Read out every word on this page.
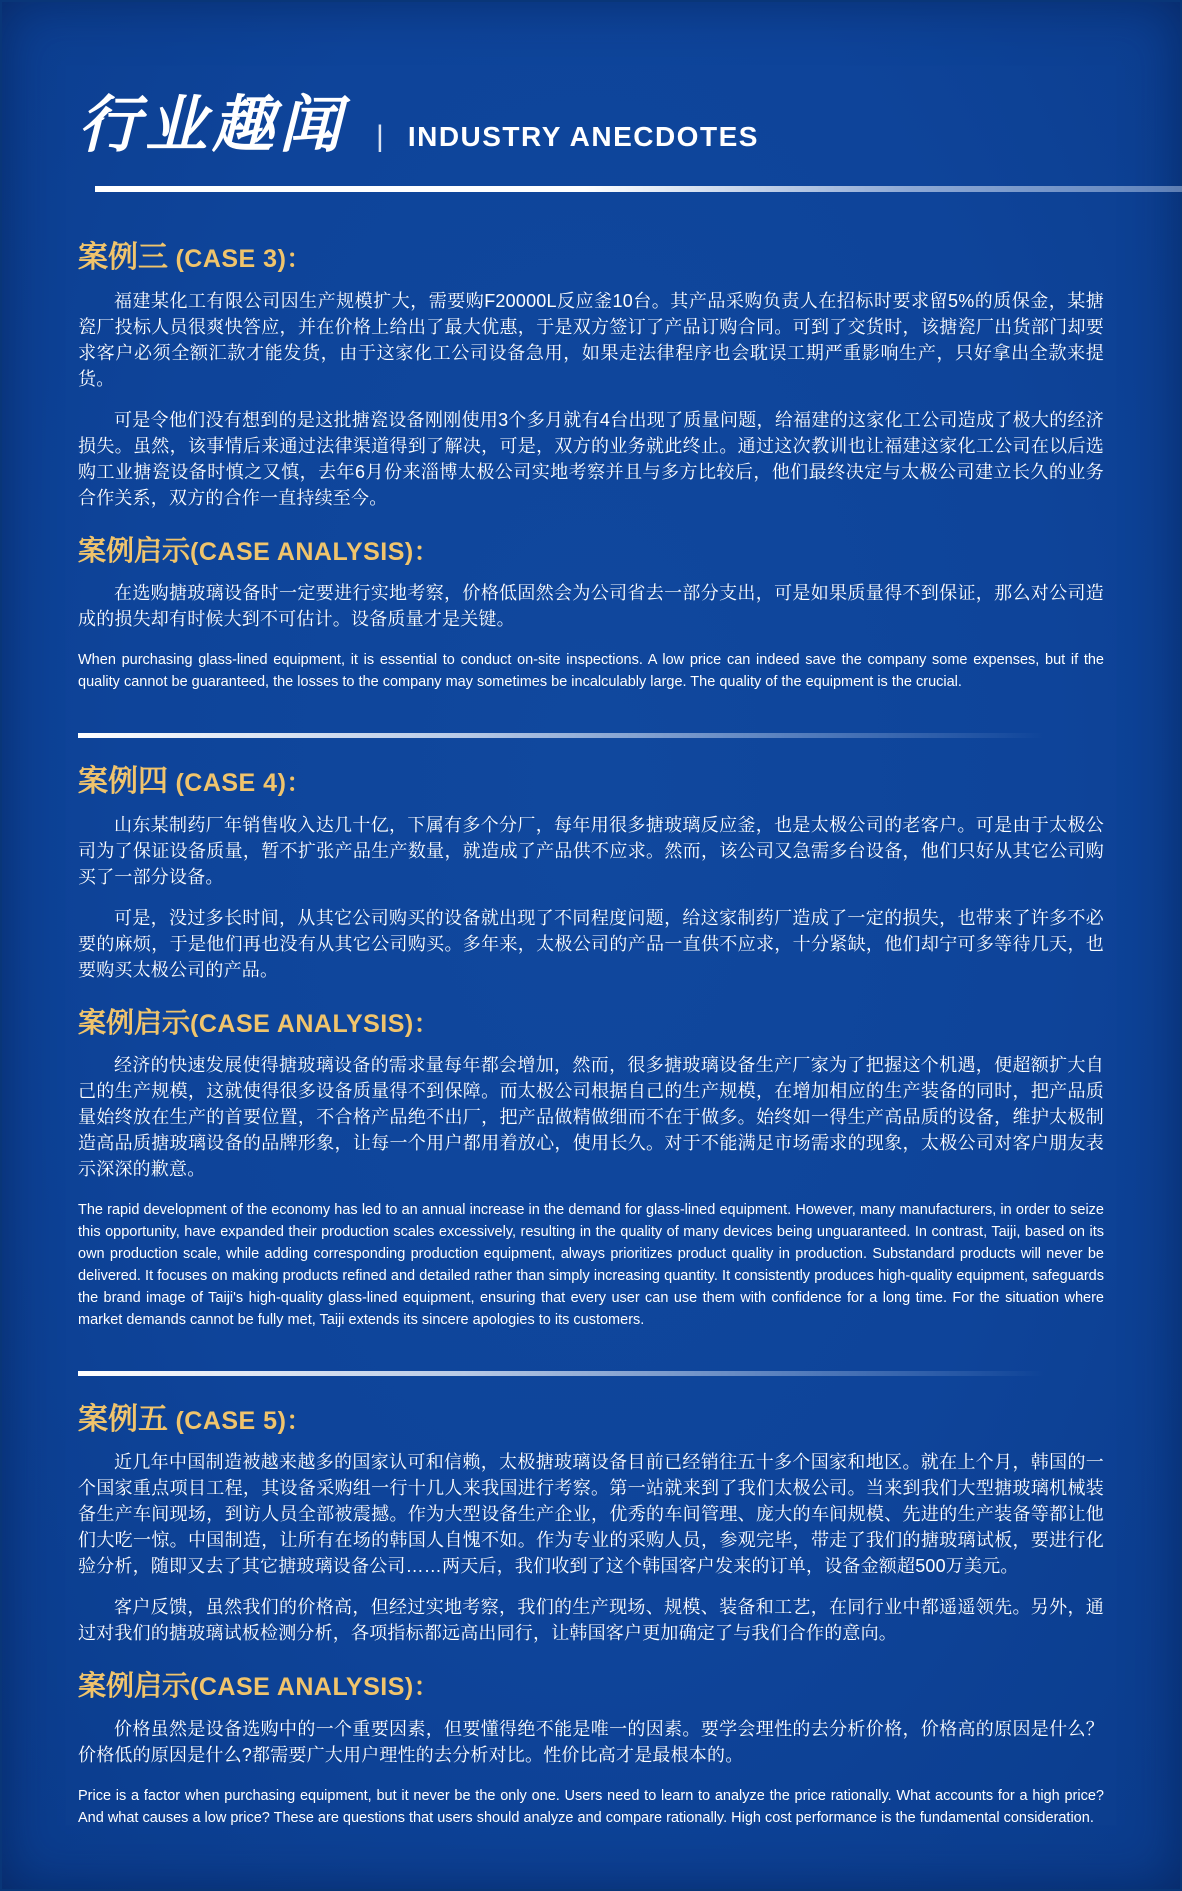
行业趣闻 | INDUSTRY ANECDOTES
案例三 (CASE 3)：

福建某化工有限公司因生产规模扩大，需要购F20000L反应釜10台。其产品采购负责人在招标时要求留5%的质保金，某搪瓷厂投标人员很爽快答应，并在价格上给出了最大优惠，于是双方签订了产品订购合同。可到了交货时，该搪瓷厂出货部门却要求客户必须全额汇款才能发货，由于这家化工公司设备急用，如果走法律程序也会耽误工期严重影响生产，只好拿出全款来提货。

可是令他们没有想到的是这批搪瓷设备刚刚使用3个多月就有4台出现了质量问题，给福建的这家化工公司造成了极大的经济损失。虽然，该事情后来通过法律渠道得到了解决，可是，双方的业务就此终止。通过这次教训也让福建这家化工公司在以后选购工业搪瓷设备时慎之又慎，去年6月份来淄博太极公司实地考察并且与多方比较后，他们最终决定与太极公司建立长久的业务合作关系，双方的合作一直持续至今。

案例启示(CASE ANALYSIS)：

在选购搪玻璃设备时一定要进行实地考察，价格低固然会为公司省去一部分支出，可是如果质量得不到保证，那么对公司造成的损失却有时候大到不可估计。设备质量才是关键。

When purchasing glass-lined equipment, it is essential to conduct on-site inspections. A low price can indeed save the company some expenses, but if the quality cannot be guaranteed, the losses to the company may sometimes be incalculably large. The quality of the equipment is the crucial.

案例四 (CASE 4)：

山东某制药厂年销售收入达几十亿，下属有多个分厂，每年用很多搪玻璃反应釜，也是太极公司的老客户。可是由于太极公司为了保证设备质量，暂不扩张产品生产数量，就造成了产品供不应求。然而，该公司又急需多台设备，他们只好从其它公司购买了一部分设备。

可是，没过多长时间，从其它公司购买的设备就出现了不同程度问题，给这家制药厂造成了一定的损失，也带来了许多不必要的麻烦，于是他们再也没有从其它公司购买。多年来，太极公司的产品一直供不应求，十分紧缺，他们却宁可多等待几天，也要购买太极公司的产品。

案例启示(CASE ANALYSIS)：

经济的快速发展使得搪玻璃设备的需求量每年都会增加，然而，很多搪玻璃设备生产厂家为了把握这个机遇，便超额扩大自己的生产规模，这就使得很多设备质量得不到保障。而太极公司根据自己的生产规模，在增加相应的生产装备的同时，把产品质量始终放在生产的首要位置，不合格产品绝不出厂，把产品做精做细而不在于做多。始终如一得生产高品质的设备，维护太极制造高品质搪玻璃设备的品牌形象，让每一个用户都用着放心，使用长久。对于不能满足市场需求的现象，太极公司对客户朋友表示深深的歉意。

The rapid development of the economy has led to an annual increase in the demand for glass-lined equipment. However, many manufacturers, in order to seize this opportunity, have expanded their production scales excessively, resulting in the quality of many devices being unguaranteed. In contrast, Taiji, based on its own production scale, while adding corresponding production equipment, always prioritizes product quality in production. Substandard products will never be delivered. It focuses on making products refined and detailed rather than simply increasing quantity. It consistently produces high-quality equipment, safeguards the brand image of Taiji's high-quality glass-lined equipment, ensuring that every user can use them with confidence for a long time. For the situation where market demands cannot be fully met, Taiji extends its sincere apologies to its customers.

案例五 (CASE 5)：

近几年中国制造被越来越多的国家认可和信赖，太极搪玻璃设备目前已经销往五十多个国家和地区。就在上个月，韩国的一个国家重点项目工程，其设备采购组一行十几人来我国进行考察。第一站就来到了我们太极公司。当来到我们大型搪玻璃机械装备生产车间现场，到访人员全部被震撼。作为大型设备生产企业，优秀的车间管理、庞大的车间规模、先进的生产装备等都让他们大吃一惊。中国制造，让所有在场的韩国人自愧不如。作为专业的采购人员，参观完毕，带走了我们的搪玻璃试板，要进行化验分析，随即又去了其它搪玻璃设备公司……两天后，我们收到了这个韩国客户发来的订单，设备金额超500万美元。

客户反馈，虽然我们的价格高，但经过实地考察，我们的生产现场、规模、装备和工艺，在同行业中都遥遥领先。另外，通过对我们的搪玻璃试板检测分析，各项指标都远高出同行，让韩国客户更加确定了与我们合作的意向。

案例启示(CASE ANALYSIS)：

价格虽然是设备选购中的一个重要因素，但要懂得绝不能是唯一的因素。要学会理性的去分析价格，价格高的原因是什么？价格低的原因是什么?都需要广大用户理性的去分析对比。性价比高才是最根本的。

Price is a factor when purchasing equipment, but it never be the only one. Users need to learn to analyze the price rationally. What accounts for a high price? And what causes a low price? These are questions that users should analyze and compare rationally. High cost performance is the fundamental consideration.
